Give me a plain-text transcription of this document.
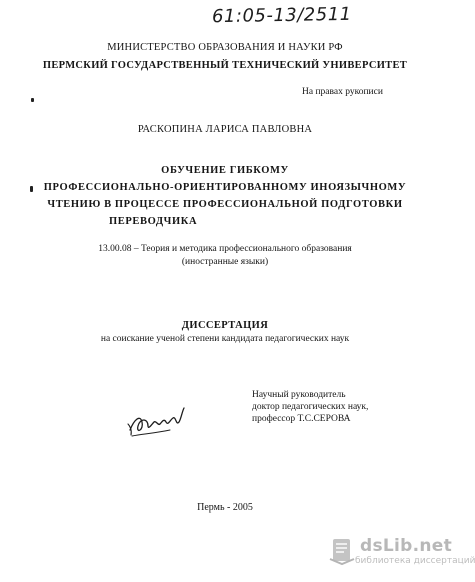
61:05-13/2511
МИНИСТЕРСТВО ОБРАЗОВАНИЯ И НАУКИ РФ
ПЕРМСКИЙ ГОСУДАРСТВЕННЫЙ ТЕХНИЧЕСКИЙ УНИВЕРСИТЕТ
На правах рукописи
РАСКОПИНА ЛАРИСА ПАВЛОВНА
ОБУЧЕНИЕ ГИБКОМУ
ПРОФЕССИОНАЛЬНО-ОРИЕНТИРОВАННОМУ ИНОЯЗЫЧНОМУ
ЧТЕНИЮ В ПРОЦЕССЕ ПРОФЕССИОНАЛЬНОЙ ПОДГОТОВКИ
ПЕРЕВОДЧИКА
13.00.08 – Теория и методика профессионального образования
(иностранные языки)
ДИССЕРТАЦИЯ
на соискание ученой степени кандидата педагогических наук
Научный руководитель
доктор педагогических наук,
профессор Т.С.СЕРОВА
Пермь - 2005
dsLib.net
библиотека диссертаций
